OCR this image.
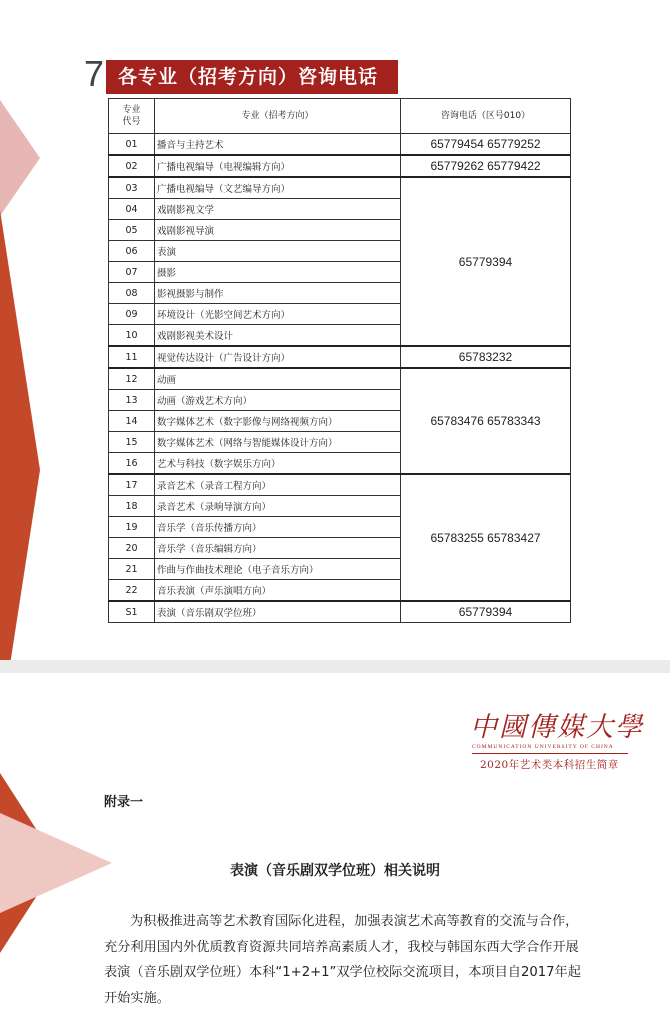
7 各专业（招考方向）咨询电话
专业
代号	专业（招考方向）	咨询电话（区号010）
01	播音与主持艺术	65779454 65779252
02	广播电视编导（电视编辑方向）	65779262 65779422
03	广播电视编导（文艺编导方向）	65779394
04	戏剧影视文学	
05	戏剧影视导演	
06	表演	
07	摄影	
08	影视摄影与制作	
09	环境设计（光影空间艺术方向）	
10	戏剧影视美术设计	
11	视觉传达设计（广告设计方向）	65783232
12	动画	65783476 65783343
13	动画（游戏艺术方向）	
14	数字媒体艺术（数字影像与网络视频方向）	
15	数字媒体艺术（网络与智能媒体设计方向）	
16	艺术与科技（数字娱乐方向）	
17	录音艺术（录音工程方向）	65783255 65783427
18	录音艺术（录响导演方向）	
19	音乐学（音乐传播方向）	
20	音乐学（音乐编辑方向）	
21	作曲与作曲技术理论（电子音乐方向）	
22	音乐表演（声乐演唱方向）	
S1	表演（音乐剧双学位班）	65779394
中國傳媒大學
COMMUNICATION UNIVERSITY OF CHINA
2020年艺术类本科招生简章
附录一
表演（音乐剧双学位班）相关说明
为积极推进高等艺术教育国际化进程，加强表演艺术高等教育的交流与合作，充分利用国内外优质教育资源共同培养高素质人才，我校与韩国东西大学合作开展表演（音乐剧双学位班）本科“1+2+1”双学位校际交流项目，本项目自2017年起开始实施。
